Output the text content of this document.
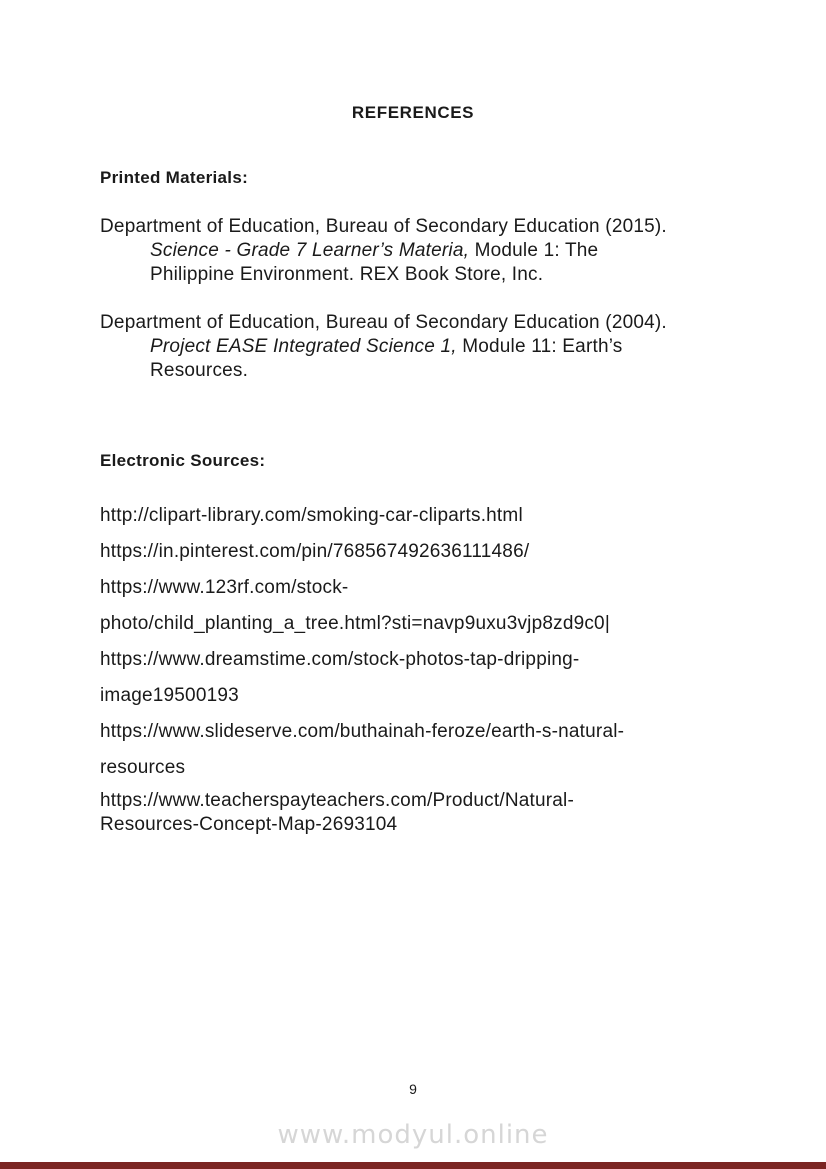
REFERENCES
Printed Materials:
Department of Education, Bureau of Secondary Education (2015).
Science - Grade 7 Learner’s Materia, Module 1: The
Philippine Environment. REX Book Store, Inc.
Department of Education, Bureau of Secondary Education (2004).
Project EASE Integrated Science 1, Module 11: Earth’s
Resources.
Electronic Sources:
http://clipart-library.com/smoking-car-cliparts.html
https://in.pinterest.com/pin/768567492636111486/
https://www.123rf.com/stock-
photo/child_planting_a_tree.html?sti=navp9uxu3vjp8zd9c0|
https://www.dreamstime.com/stock-photos-tap-dripping-
image19500193
https://www.slideserve.com/buthainah-feroze/earth-s-natural-
resources
https://www.teacherspayteachers.com/Product/Natural-
Resources-Concept-Map-2693104
9
www.modyul.online
